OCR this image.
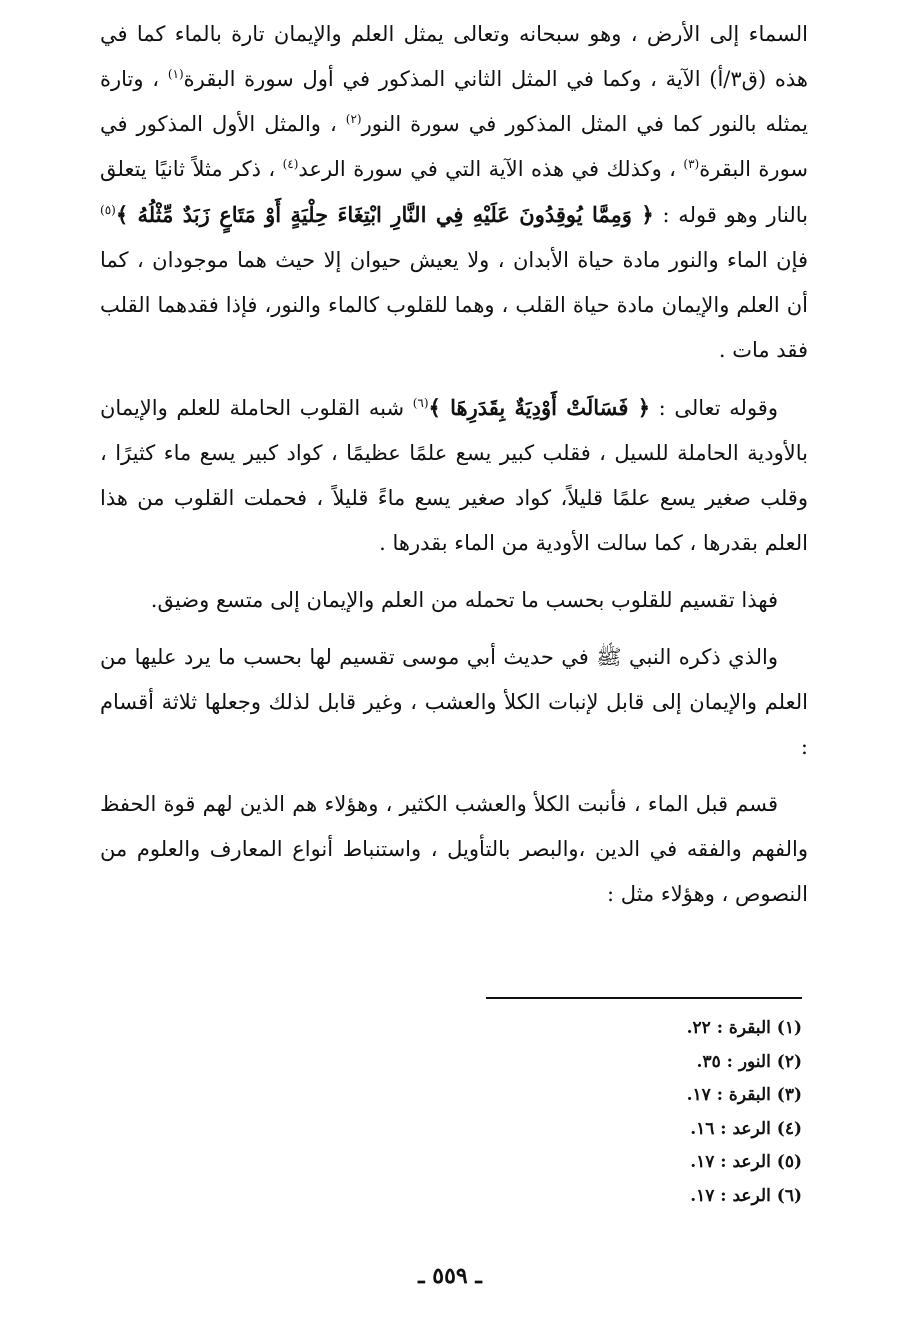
السماء إلى الأرض ، وهو سبحانه وتعالى يمثل العلم والإيمان تارة بالماء كما في هذه (ق٣/أ) الآية ، وكما في المثل الثاني المذكور في أول سورة البقرة$^{(١)}$ ، وتارة يمثله بالنور كما في المثل المذكور في سورة النور$^{(٢)}$ ، والمثل الأول المذكور في سورة البقرة$^{(٣)}$ ، وكذلك في هذه الآية التي في سورة الرعد$^{(٤)}$ ، ذكر مثلاً ثانيًا يتعلق بالنار وهو قوله : ﴿ وَمِمَّا يُوقِدُونَ عَلَيْهِ فِي النَّارِ ابْتِغَاءَ حِلْيَةٍ أَوْ مَتَاعٍ زَبَدٌ مِّثْلُهُ ﴾$^{(٥)}$ فإن الماء والنور مادة حياة الأبدان ، ولا يعيش حيوان إلا حيث هما موجودان ، كما أن العلم والإيمان مادة حياة القلب ، وهما للقلوب كالماء والنور، فإذا فقدهما القلب فقد مات .

وقوله تعالى : ﴿ فَسَالَتْ أَوْدِيَةٌ بِقَدَرِهَا ﴾$^{(٦)}$ شبه القلوب الحاملة للعلم والإيمان بالأودية الحاملة للسيل ، فقلب كبير يسع علمًا عظيمًا ، كواد كبير يسع ماء كثيرًا ، وقلب صغير يسع علمًا قليلاً، كواد صغير يسع ماءً قليلاً ، فحملت القلوب من هذا العلم بقدرها ، كما سالت الأودية من الماء بقدرها .

فهذا تقسيم للقلوب بحسب ما تحمله من العلم والإيمان إلى متسع وضيق.

والذي ذكره النبي ﷺ في حديث أبي موسى تقسيم لها بحسب ما يرد عليها من العلم والإيمان إلى قابل لإنبات الكلأ والعشب ، وغير قابل لذلك وجعلها ثلاثة أقسام :

قسم قبل الماء ، فأنبت الكلأ والعشب الكثير ، وهؤلاء هم الذين لهم قوة الحفظ والفهم والفقه في الدين ،والبصر بالتأويل ، واستنباط أنواع المعارف والعلوم من النصوص ، وهؤلاء مثل :

(١) البقرة : ٢٢.
(٢) النور : ٣٥.
(٣) البقرة : ١٧.
(٤) الرعد : ١٦.
(٥) الرعد : ١٧.
(٦) الرعد : ١٧.
ـ ٥٥٩ ـ
